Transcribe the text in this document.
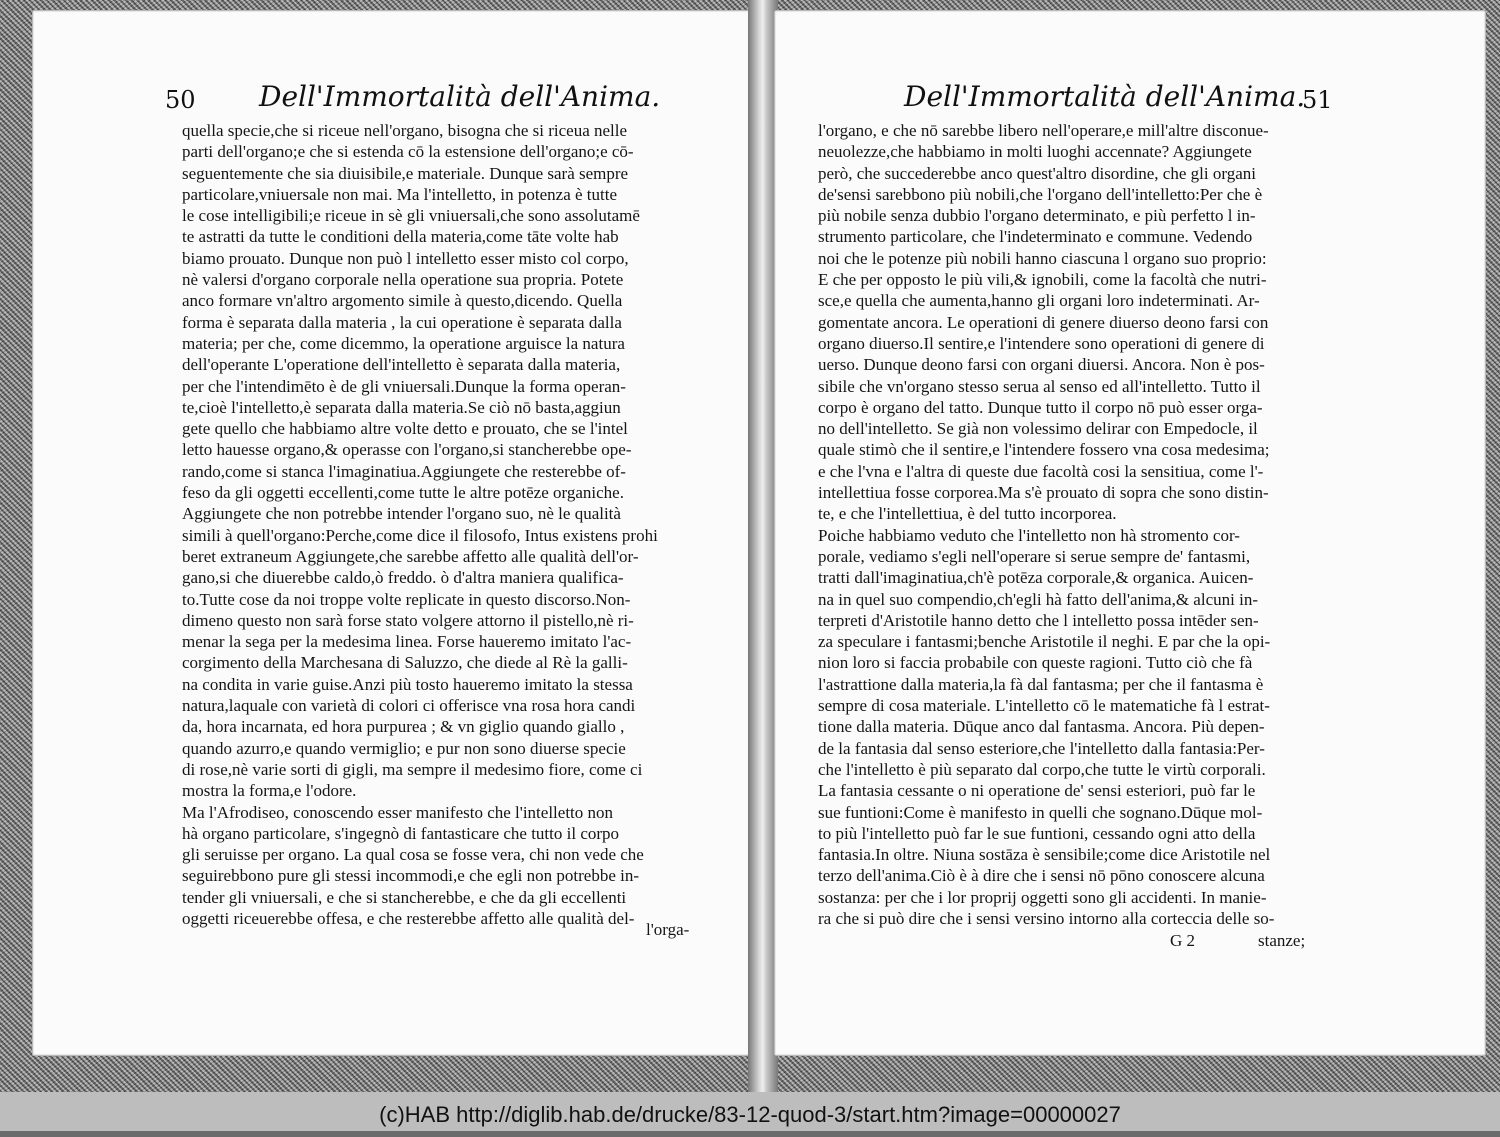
50 Dell'Immortalità dell'Anima.
quella specie,che si riceue nell'organo, bisogna che si riceua nelle
parti dell'organo;e che si estenda cō la estensione dell'organo;e cō-
seguentemente che sia diuisibile,e materiale. Dunque sarà sempre
particolare,vniuersale non mai. Ma l'intelletto, in potenza è tutte
le cose intelligibili;e riceue in sè gli vniuersali,che sono assolutamē
te astratti da tutte le conditioni della materia,come tāte volte hab
biamo prouato. Dunque non può l intelletto esser misto col corpo,
nè valersi d'organo corporale nella operatione sua propria. Potete
anco formare vn'altro argomento simile à questo,dicendo. Quella
forma è separata dalla materia , la cui operatione è separata dalla
materia; per che, come dicemmo, la operatione arguisce la natura
dell'operante L'operatione dell'intelletto è separata dalla materia,
per che l'intendimēto è de gli vniuersali.Dunque la forma operan-
te,cioè l'intelletto,è separata dalla materia.Se ciò nō basta,aggiun
gete quello che habbiamo altre volte detto e prouato, che se l'intel
letto hauesse organo,& operasse con l'organo,si stancherebbe ope-
rando,come si stanca l'imaginatiua.Aggiungete che resterebbe of-
feso da gli oggetti eccellenti,come tutte le altre potēze organiche.
Aggiungete che non potrebbe intender l'organo suo, nè le qualità
simili à quell'organo:Perche,come dice il filosofo, Intus existens prohi
beret extraneum Aggiungete,che sarebbe affetto alle qualità dell'or-
gano,si che diuerebbe caldo,ò freddo. ò d'altra maniera qualifica-
to.Tutte cose da noi troppe volte replicate in questo discorso.Non-
dimeno questo non sarà forse stato volgere attorno il pistello,nè ri-
menar la sega per la medesima linea. Forse haueremo imitato l'ac-
corgimento della Marchesana di Saluzzo, che diede al Rè la galli-
na condita in varie guise.Anzi più tosto haueremo imitato la stessa
natura,laquale con varietà di colori ci offerisce vna rosa hora candi
da, hora incarnata, ed hora purpurea ; & vn giglio quando giallo ,
quando azurro,e quando vermiglio; e pur non sono diuerse specie
di rose,nè varie sorti di gigli, ma sempre il medesimo fiore, come ci
mostra la forma,e l'odore.
Ma l'Afrodiseo, conoscendo esser manifesto che l'intelletto non
hà organo particolare, s'ingegnò di fantasticare che tutto il corpo
gli seruisse per organo. La qual cosa se fosse vera, chi non vede che
seguirebbono pure gli stessi incommodi,e che egli non potrebbe in-
tender gli vniuersali, e che si stancherebbe, e che da gli eccellenti
oggetti riceuerebbe offesa, e che resterebbe affetto alle qualità del-
l'orga-
Dell'Immortalità dell'Anima.
51
l'organo, e che nō sarebbe libero nell'operare,e mill'altre disconue-
neuolezze,che habbiamo in molti luoghi accennate? Aggiungete
però, che succederebbe anco quest'altro disordine, che gli organi
de'sensi sarebbono più nobili,che l'organo dell'intelletto:Per che è
più nobile senza dubbio l'organo determinato, e più perfetto l in-
strumento particolare, che l'indeterminato e commune. Vedendo
noi che le potenze più nobili hanno ciascuna l organo suo proprio:
E che per opposto le più vili,& ignobili, come la facoltà che nutri-
sce,e quella che aumenta,hanno gli organi loro indeterminati. Ar-
gomentate ancora. Le operationi di genere diuerso deono farsi con
organo diuerso.Il sentire,e l'intendere sono operationi di genere di
uerso. Dunque deono farsi con organi diuersi. Ancora. Non è pos-
sibile che vn'organo stesso serua al senso ed all'intelletto. Tutto il
corpo è organo del tatto. Dunque tutto il corpo nō può esser orga-
no dell'intelletto. Se già non volessimo delirar con Empedocle, il
quale stimò che il sentire,e l'intendere fossero vna cosa medesima;
e che l'vna e l'altra di queste due facoltà cosi la sensitiua, come l'-
intellettiua fosse corporea.Ma s'è prouato di sopra che sono distin-
te, e che l'intellettiua, è del tutto incorporea.
Poiche habbiamo veduto che l'intelletto non hà stromento cor-
porale, vediamo s'egli nell'operare si serue sempre de' fantasmi,
tratti dall'imaginatiua,ch'è potēza corporale,& organica. Auicen-
na in quel suo compendio,ch'egli hà fatto dell'anima,& alcuni in-
terpreti d'Aristotile hanno detto che l intelletto possa intēder sen-
za speculare i fantasmi;benche Aristotile il neghi. E par che la opi-
nion loro si faccia probabile con queste ragioni. Tutto ciò che fà
l'astrattione dalla materia,la fà dal fantasma; per che il fantasma è
sempre di cosa materiale. L'intelletto cō le matematiche fà l estrat-
tione dalla materia. Dūque anco dal fantasma. Ancora. Più depen-
de la fantasia dal senso esteriore,che l'intelletto dalla fantasia:Per-
che l'intelletto è più separato dal corpo,che tutte le virtù corporali.
La fantasia cessante o ni operatione de' sensi esteriori, può far le
sue funtioni:Come è manifesto in quelli che sognano.Dūque mol-
to più l'intelletto può far le sue funtioni, cessando ogni atto della
fantasia.In oltre. Niuna sostāza è sensibile;come dice Aristotile nel
terzo dell'anima.Ciò è à dire che i sensi nō pōno conoscere alcuna
sostanza: per che i lor proprij oggetti sono gli accidenti. In manie-
ra che si può dire che i sensi versino intorno alla corteccia delle so-
G 2	stanze;
(c)HAB http://diglib.hab.de/drucke/83-12-quod-3/start.htm?image=00000027
